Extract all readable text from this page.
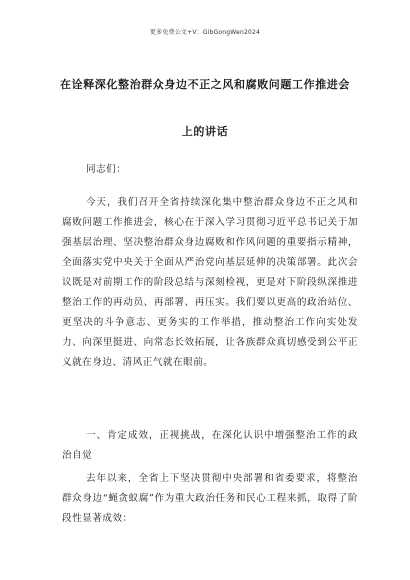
更多免费公文+V：GibGongWen2024
在诠释深化整治群众身边不正之风和腐败问题工作推进会
上的讲话
同志们：
今天，我们召开全省持续深化集中整治群众身边不正之风和腐败问题工作推进会，核心在于深入学习贯彻习近平总书记关于加强基层治理、坚决整治群众身边腐败和作风问题的重要指示精神，全面落实党中央关于全面从严治党向基层延伸的决策部署。此次会议既是对前期工作的阶段总结与深刻检视，更是对下阶段纵深推进整治工作的再动员、再部署、再压实。我们要以更高的政治站位、更坚决的斗争意志、更务实的工作举措，推动整治工作向实处发力、向深里挺进、向常态长效拓展，让各族群众真切感受到公平正义就在身边、清风正气就在眼前。
一、肯定成效，正视挑战，在深化认识中增强整治工作的政治自觉
去年以来，全省上下坚决贯彻中央部署和省委要求，将整治群众身边“蝇贪蚁腐”作为重大政治任务和民心工程来抓，取得了阶段性显著成效：
